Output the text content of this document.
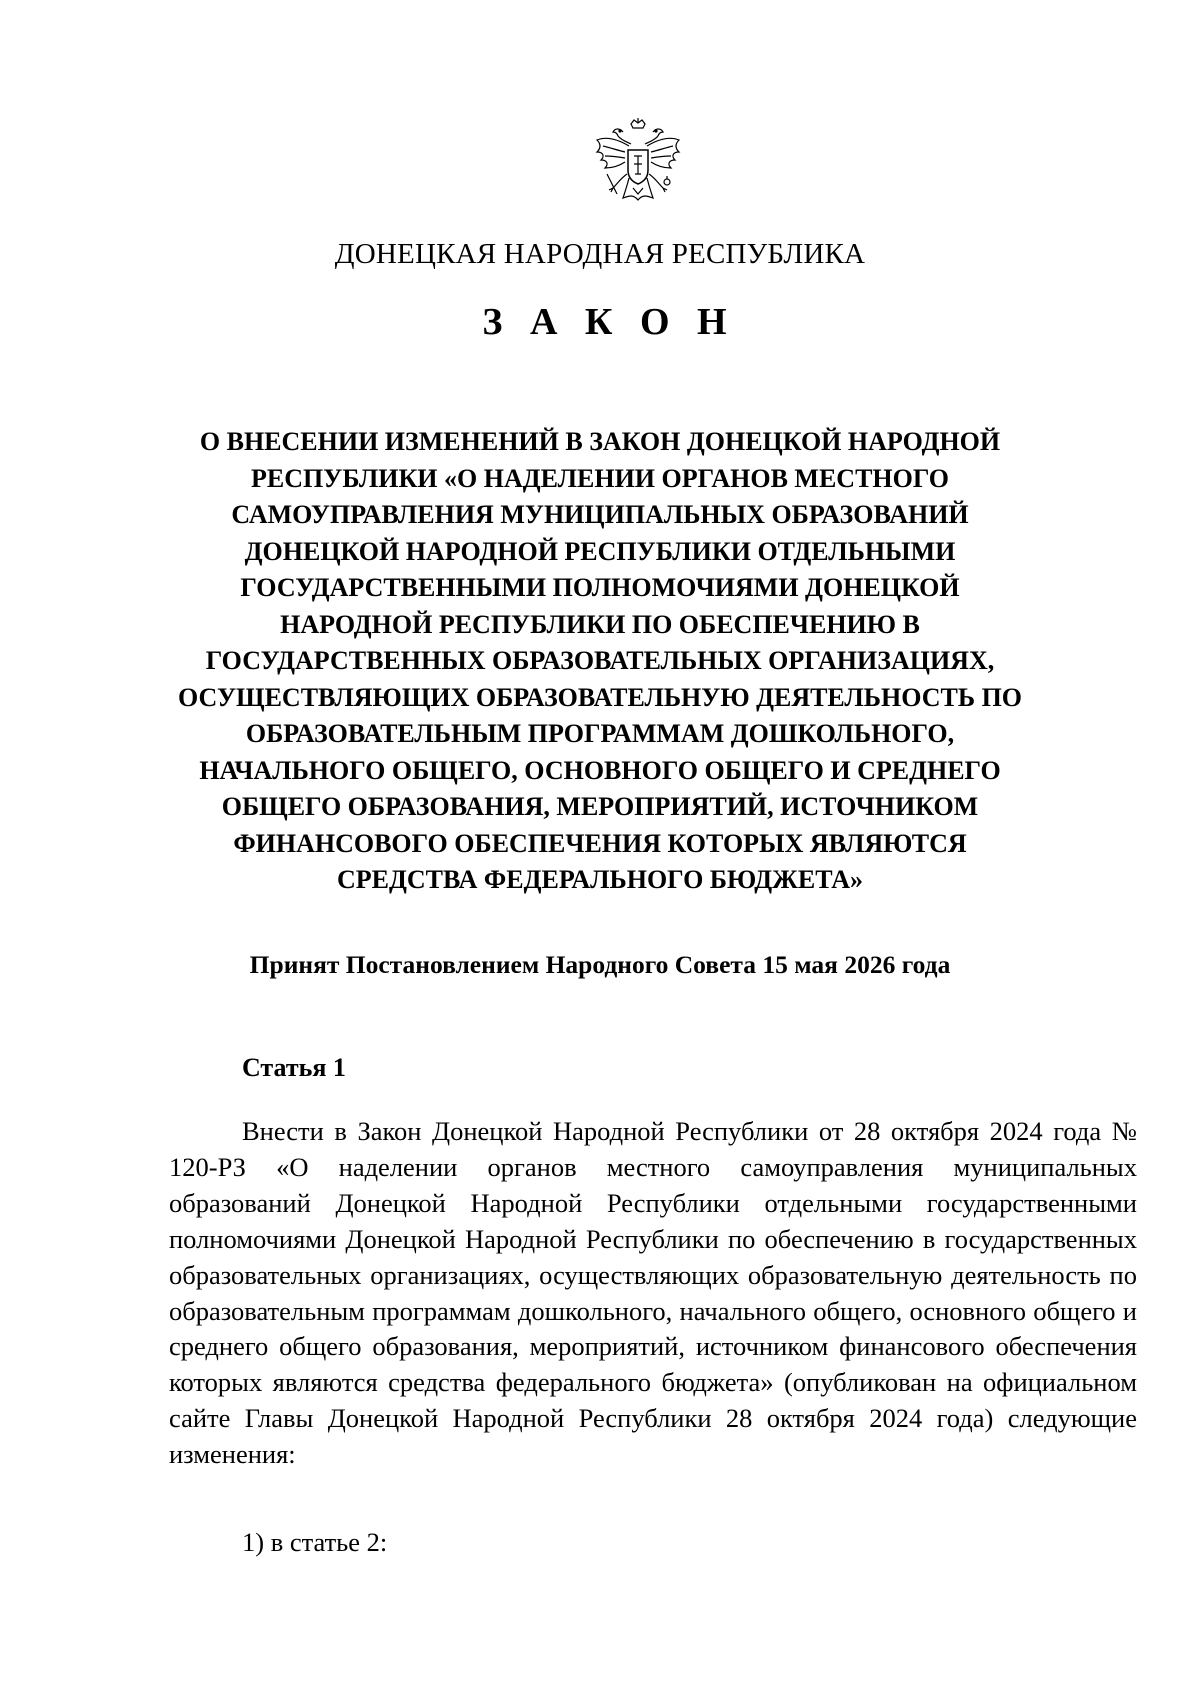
ДОНЕЦКАЯ НАРОДНАЯ РЕСПУБЛИКА
З А К О Н
О ВНЕСЕНИИ ИЗМЕНЕНИЙ В ЗАКОН ДОНЕЦКОЙ НАРОДНОЙ РЕСПУБЛИКИ «О НАДЕЛЕНИИ ОРГАНОВ МЕСТНОГО САМОУПРАВЛЕНИЯ МУНИЦИПАЛЬНЫХ ОБРАЗОВАНИЙ ДОНЕЦКОЙ НАРОДНОЙ РЕСПУБЛИКИ ОТДЕЛЬНЫМИ ГОСУДАРСТВЕННЫМИ ПОЛНОМОЧИЯМИ ДОНЕЦКОЙ НАРОДНОЙ РЕСПУБЛИКИ ПО ОБЕСПЕЧЕНИЮ В ГОСУДАРСТВЕННЫХ ОБРАЗОВАТЕЛЬНЫХ ОРГАНИЗАЦИЯХ, ОСУЩЕСТВЛЯЮЩИХ ОБРАЗОВАТЕЛЬНУЮ ДЕЯТЕЛЬНОСТЬ ПО ОБРАЗОВАТЕЛЬНЫМ ПРОГРАММАМ ДОШКОЛЬНОГО, НАЧАЛЬНОГО ОБЩЕГО, ОСНОВНОГО ОБЩЕГО И СРЕДНЕГО ОБЩЕГО ОБРАЗОВАНИЯ, МЕРОПРИЯТИЙ, ИСТОЧНИКОМ ФИНАНСОВОГО ОБЕСПЕЧЕНИЯ КОТОРЫХ ЯВЛЯЮТСЯ СРЕДСТВА ФЕДЕРАЛЬНОГО БЮДЖЕТА»
Принят Постановлением Народного Совета 15 мая 2026 года
Статья 1
Внести в Закон Донецкой Народной Республики от 28 октября 2024 года № 120-РЗ «О наделении органов местного самоуправления муниципальных образований Донецкой Народной Республики отдельными государственными полномочиями Донецкой Народной Республики по обеспечению в государственных образовательных организациях, осуществляющих образовательную деятельность по образовательным программам дошкольного, начального общего, основного общего и среднего общего образования, мероприятий, источником финансового обеспечения которых являются средства федерального бюджета» (опубликован на официальном сайте Главы Донецкой Народной Республики 28 октября 2024 года) следующие изменения:
1) в статье 2:
